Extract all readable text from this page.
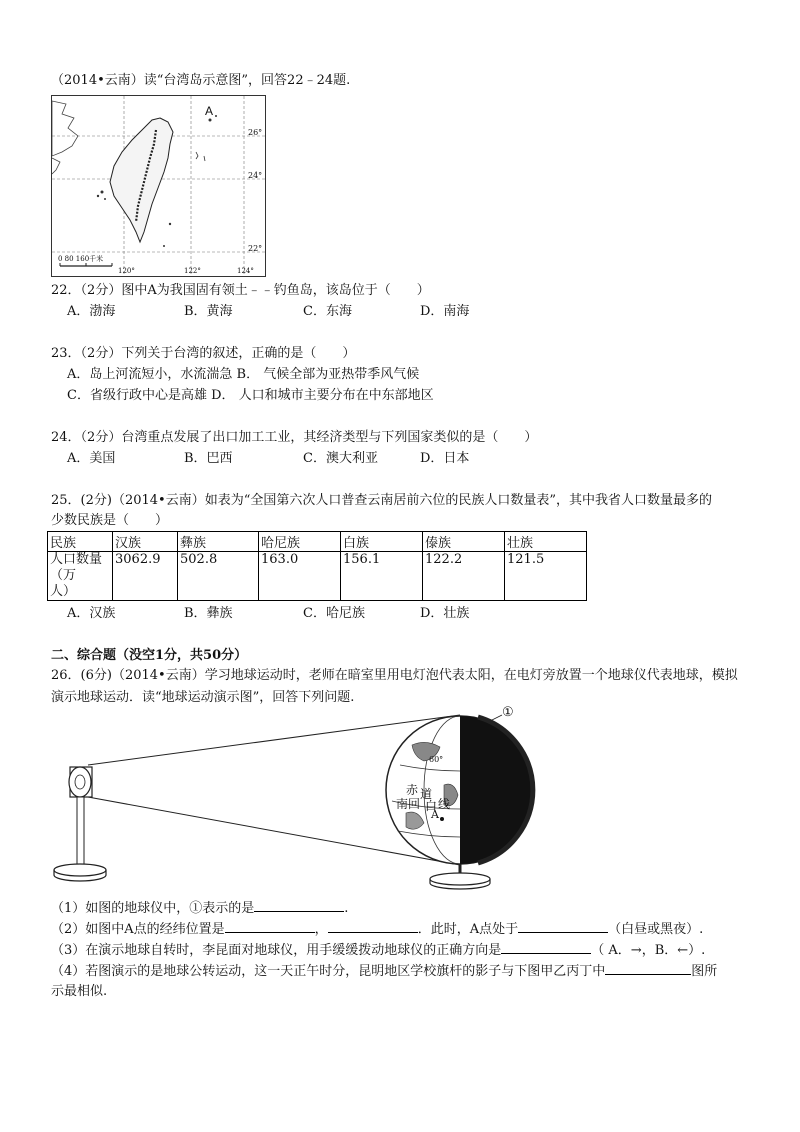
（2014•云南）读“台湾岛示意图”，回答22﹣24题.
A
26°
24°
22°
120°	122°	124°
0 80 160千米
22．（2分）图中A为我国固有领土﹣﹣钓鱼岛，该岛位于（　　）
A．渤海	B．黄海	C．东海	D．南海
23．（2分）下列关于台湾的叙述，正确的是（　　）
A．岛上河流短小，水流湍急 B． 气候全部为亚热带季风气候
C．省级行政中心是高雄 D． 人口和城市主要分布在中东部地区
24．（2分）台湾重点发展了出口加工工业，其经济类型与下列国家类似的是（　　）
A．美国	B．巴西	C．澳大利亚	D．日本
25．(2分)（2014•云南）如表为“全国第六次人口普查云南居前六位的民族人口数量表”，其中我省人口数量最多的
少数民族是（　　）
民族	汉族	彝族	哈尼族	白族	傣族	壮族
人口数量（万
人）	3062.9	502.8	163.0	156.1	122.2	121.5
A．汉族	B．彝族	C．哈尼族	D．壮族
二、综合题（没空1分，共50分）
26．(6分)（2014•云南）学习地球运动时，老师在暗室里用电灯泡代表太阳，在电灯旁放置一个地球仪代表地球，模拟
演示地球运动．读“地球运动演示图”，回答下列问题.
①
60°
赤 道
南回 白 线
A
（1）如图的地球仪中，①表示的是	.
（2）如图中A点的经纬位置是	，	．此时，A点处于	（白昼或黑夜）.
（3）在演示地球自转时，李昆面对地球仪，用手缓缓拨动地球仪的正确方向是	（ A．→，B．←）.
（4）若图演示的是地球公转运动，这一天正午时分，昆明地区学校旗杆的影子与下图甲乙丙丁中	图所
示最相似.
